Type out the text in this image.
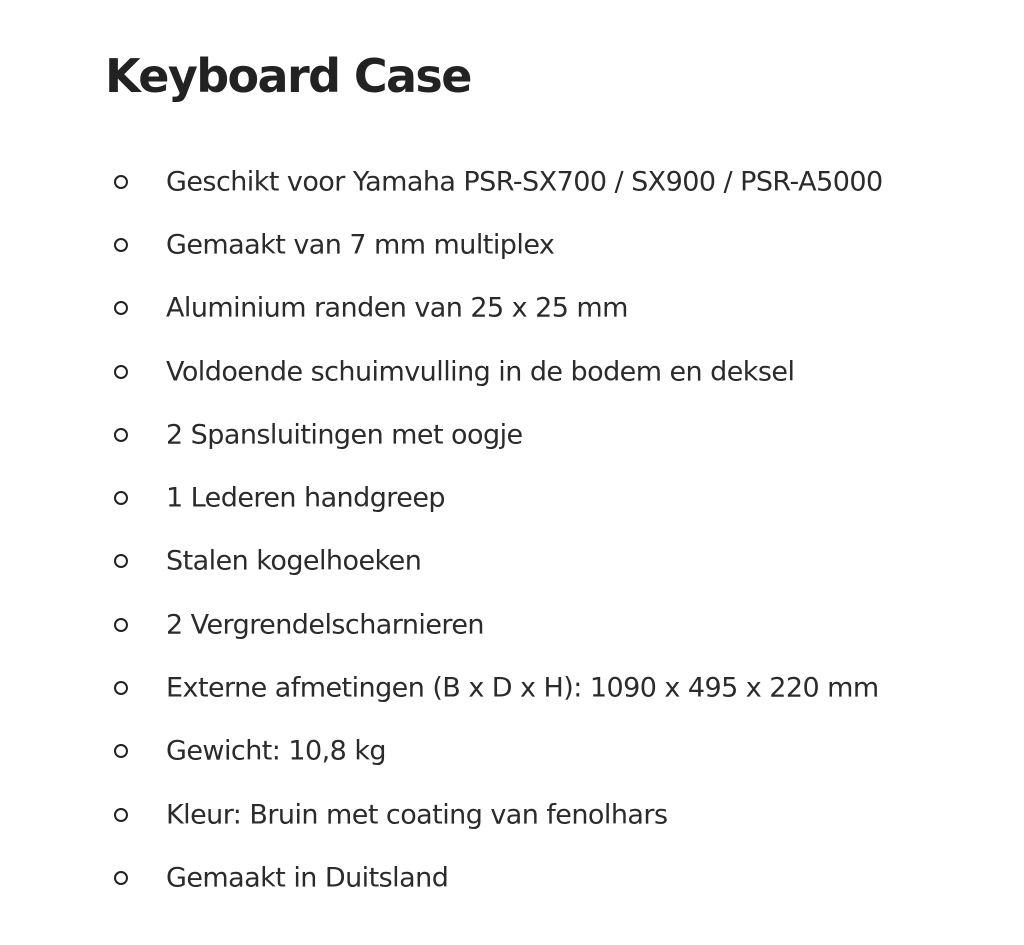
Keyboard Case
Geschikt voor Yamaha PSR-SX700 / SX900 / PSR-A5000
Gemaakt van 7 mm multiplex
Aluminium randen van 25 x 25 mm
Voldoende schuimvulling in de bodem en deksel
2 Spansluitingen met oogje
1 Lederen handgreep
Stalen kogelhoeken
2 Vergrendelscharnieren
Externe afmetingen (B x D x H): 1090 x 495 x 220 mm
Gewicht: 10,8 kg
Kleur: Bruin met coating van fenolhars
Gemaakt in Duitsland
